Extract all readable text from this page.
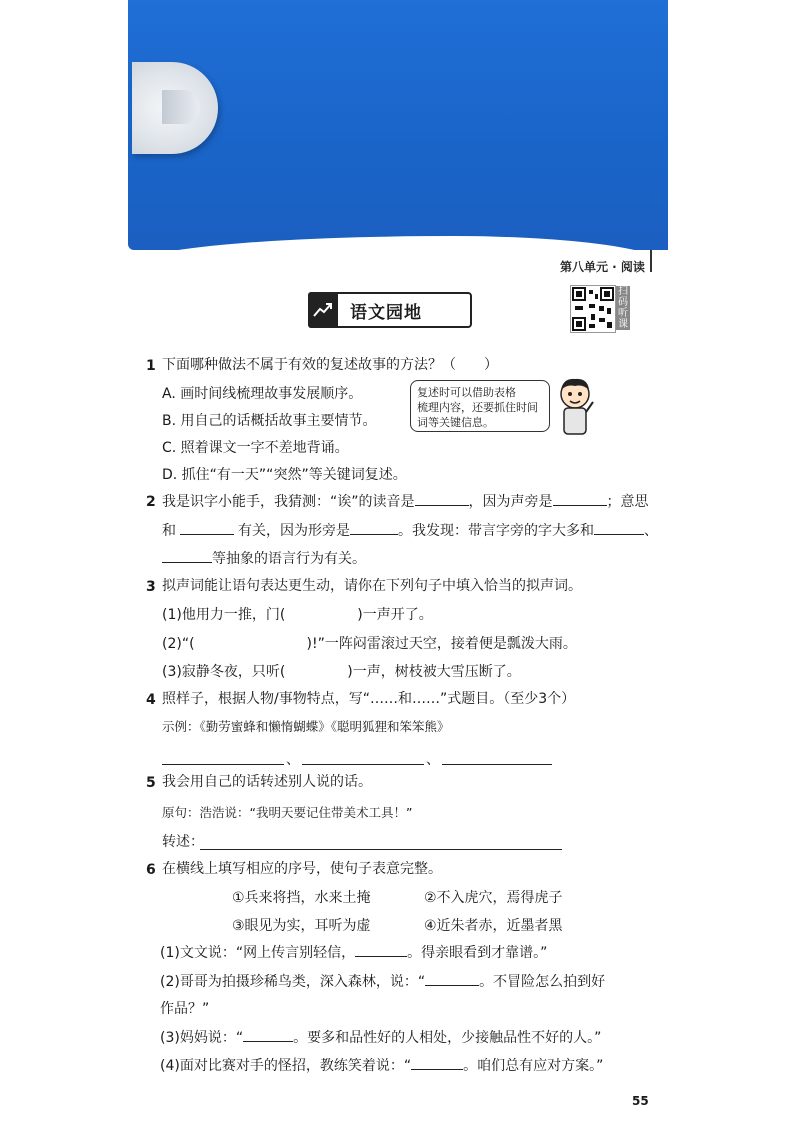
第八单元 · 阅读
语文园地
扫码听课
1 下面哪种做法不属于有效的复述故事的方法？（　　）
A. 画时间线梳理故事发展顺序。
B. 用自己的话概括故事主要情节。
C. 照着课文一字不差地背诵。
D. 抓住“有一天”“突然”等关键词复述。
复述时可以借助表格
梳理内容，还要抓住时间
词等关键信息。
2 我是识字小能手，我猜测：“诶”的读音是	，因为声旁是	；意思
和	有关，因为形旁是	。我发现：带言字旁的字大多和	、
等抽象的语言行为有关。
3 拟声词能让语句表达更生动，请你在下列句子中填入恰当的拟声词。
(1)他用力一推，门(	)一声开了。
(2)“(	)!”一阵闷雷滚过天空，接着便是瓢泼大雨。
(3)寂静冬夜，只听(	)一声，树枝被大雪压断了。
4 照样子，根据人物/事物特点，写“……和……”式题目。（至少3个）
示例：《勤劳蜜蜂和懒惰蝴蝶》《聪明狐狸和笨笨熊》
、	、
5 我会用自己的话转述别人说的话。
原句：浩浩说：“我明天要记住带美术工具！”
转述：
6 在横线上填写相应的序号，使句子表意完整。
①兵来将挡，水来土掩	②不入虎穴，焉得虎子
③眼见为实，耳听为虚	④近朱者赤，近墨者黑
(1)文文说：“网上传言别轻信，	。得亲眼看到才靠谱。”
(2)哥哥为拍摄珍稀鸟类，深入森林，说：“	。不冒险怎么拍到好
作品？”
(3)妈妈说：“	。要多和品性好的人相处，少接触品性不好的人。”
(4)面对比赛对手的怪招，教练笑着说：“	。咱们总有应对方案。”
55
